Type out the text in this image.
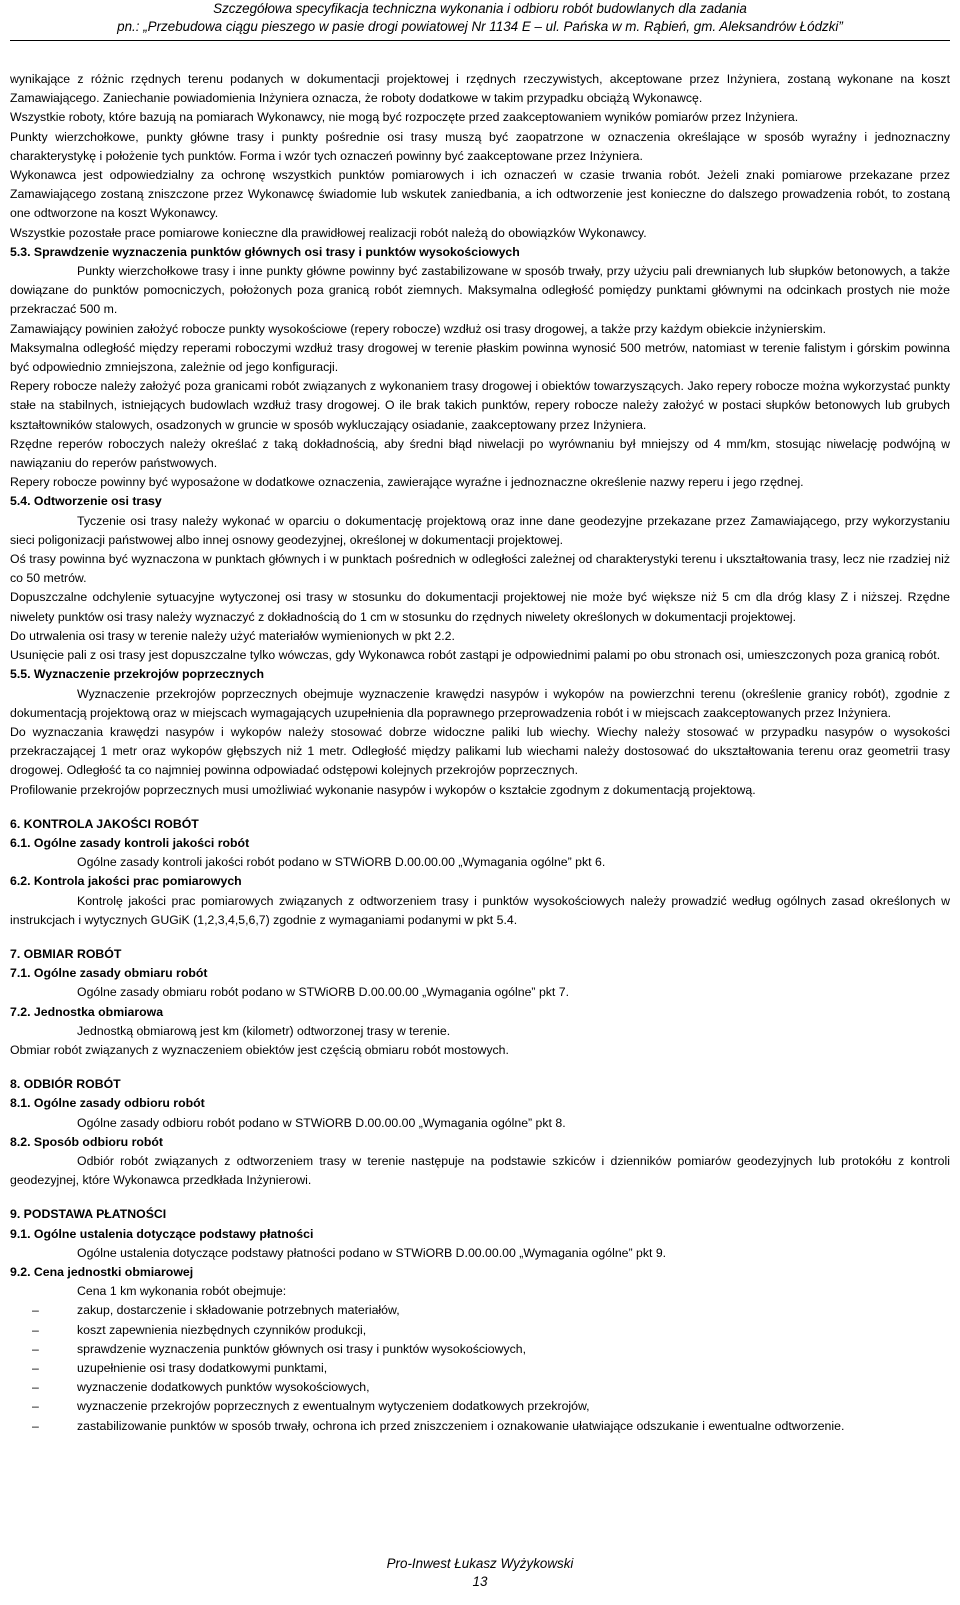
Szczegółowa specyfikacja techniczna wykonania i odbioru robót budowlanych dla zadania
pn.: „Przebudowa ciągu pieszego w pasie drogi powiatowej Nr 1134 E – ul. Pańska w m. Rąbień, gm. Aleksandrów Łódzki”

wynikające z różnic rzędnych terenu podanych w dokumentacji projektowej i rzędnych rzeczywistych, akceptowane przez Inżyniera, zostaną wykonane na koszt Zamawiającego. Zaniechanie powiadomienia Inżyniera oznacza, że roboty dodatkowe w takim przypadku obciążą Wykonawcę.

Wszystkie roboty, które bazują na pomiarach Wykonawcy, nie mogą być rozpoczęte przed zaakceptowaniem wyników pomiarów przez Inżyniera.

Punkty wierzchołkowe, punkty główne trasy i punkty pośrednie osi trasy muszą być zaopatrzone w oznaczenia określające w sposób wyraźny i jednoznaczny charakterystykę i położenie tych punktów. Forma i wzór tych oznaczeń powinny być zaakceptowane przez Inżyniera.

Wykonawca jest odpowiedzialny za ochronę wszystkich punktów pomiarowych i ich oznaczeń w czasie trwania robót. Jeżeli znaki pomiarowe przekazane przez Zamawiającego zostaną zniszczone przez Wykonawcę świadomie lub wskutek zaniedbania, a ich odtworzenie jest konieczne do dalszego prowadzenia robót, to zostaną one odtworzone na koszt Wykonawcy.

Wszystkie pozostałe prace pomiarowe konieczne dla prawidłowej realizacji robót należą do obowiązków Wykonawcy.

5.3. Sprawdzenie wyznaczenia punktów głównych osi trasy i punktów wysokościowych

Punkty wierzchołkowe trasy i inne punkty główne powinny być zastabilizowane w sposób trwały, przy użyciu pali drewnianych lub słupków betonowych, a także dowiązane do punktów pomocniczych, położonych poza granicą robót ziemnych. Maksymalna odległość pomiędzy punktami głównymi na odcinkach prostych nie może przekraczać 500 m.

Zamawiający powinien założyć robocze punkty wysokościowe (repery robocze) wzdłuż osi trasy drogowej, a także przy każdym obiekcie inżynierskim.

Maksymalna odległość między reperami roboczymi wzdłuż trasy drogowej w terenie płaskim powinna wynosić 500 metrów, natomiast w terenie falistym i górskim powinna być odpowiednio zmniejszona, zależnie od jego konfiguracji.

Repery robocze należy założyć poza granicami robót związanych z wykonaniem trasy drogowej i obiektów towarzyszących. Jako repery robocze można wykorzystać punkty stałe na stabilnych, istniejących budowlach wzdłuż trasy drogowej. O ile brak takich punktów, repery robocze należy założyć w postaci słupków betonowych lub grubych kształtowników stalowych, osadzonych w gruncie w sposób wykluczający osiadanie, zaakceptowany przez Inżyniera.

Rzędne reperów roboczych należy określać z taką dokładnością, aby średni błąd niwelacji po wyrównaniu był mniejszy od 4 mm/km, stosując niwelację podwójną w nawiązaniu do reperów państwowych.

Repery robocze powinny być wyposażone w dodatkowe oznaczenia, zawierające wyraźne i jednoznaczne określenie nazwy reperu i jego rzędnej.

5.4. Odtworzenie osi trasy

Tyczenie osi trasy należy wykonać w oparciu o dokumentację projektową oraz inne dane geodezyjne przekazane przez Zamawiającego, przy wykorzystaniu sieci poligonizacji państwowej albo innej osnowy geodezyjnej, określonej w dokumentacji projektowej.

Oś trasy powinna być wyznaczona w punktach głównych i w punktach pośrednich w odległości zależnej od charakterystyki terenu i ukształtowania trasy, lecz nie rzadziej niż co 50 metrów.

Dopuszczalne odchylenie sytuacyjne wytyczonej osi trasy w stosunku do dokumentacji projektowej nie może być większe niż 5 cm dla dróg klasy Z i niższej. Rzędne niwelety punktów osi trasy należy wyznaczyć z dokładnością do 1 cm w stosunku do rzędnych niwelety określonych w dokumentacji projektowej.

Do utrwalenia osi trasy w terenie należy użyć materiałów wymienionych w pkt 2.2.

Usunięcie pali z osi trasy jest dopuszczalne tylko wówczas, gdy Wykonawca robót zastąpi je odpowiednimi palami po obu stronach osi, umieszczonych poza granicą robót.

5.5. Wyznaczenie przekrojów poprzecznych

Wyznaczenie przekrojów poprzecznych obejmuje wyznaczenie krawędzi nasypów i wykopów na powierzchni terenu (określenie granicy robót), zgodnie z dokumentacją projektową oraz w miejscach wymagających uzupełnienia dla poprawnego przeprowadzenia robót i w miejscach zaakceptowanych przez Inżyniera.

Do wyznaczania krawędzi nasypów i wykopów należy stosować dobrze widoczne paliki lub wiechy. Wiechy należy stosować w przypadku nasypów o wysokości przekraczającej 1 metr oraz wykopów głębszych niż 1 metr. Odległość między palikami lub wiechami należy dostosować do ukształtowania terenu oraz geometrii trasy drogowej. Odległość ta co najmniej powinna odpowiadać odstępowi kolejnych przekrojów poprzecznych.

Profilowanie przekrojów poprzecznych musi umożliwiać wykonanie nasypów i wykopów o kształcie zgodnym z dokumentacją projektową.

6. KONTROLA JAKOŚCI ROBÓT

6.1. Ogólne zasady kontroli jakości robót

Ogólne zasady kontroli jakości robót podano w STWiORB D.00.00.00 „Wymagania ogólne” pkt 6.

6.2. Kontrola jakości prac pomiarowych

Kontrolę jakości prac pomiarowych związanych z odtworzeniem trasy i punktów wysokościowych należy prowadzić według ogólnych zasad określonych w instrukcjach i wytycznych GUGiK (1,2,3,4,5,6,7) zgodnie z wymaganiami podanymi w pkt 5.4.

7. OBMIAR ROBÓT

7.1. Ogólne zasady obmiaru robót

Ogólne zasady obmiaru robót podano w STWiORB D.00.00.00 „Wymagania ogólne” pkt 7.

7.2. Jednostka obmiarowa

Jednostką obmiarową jest km (kilometr) odtworzonej trasy w terenie.

Obmiar robót związanych z wyznaczeniem obiektów jest częścią obmiaru robót mostowych.

8. ODBIÓR ROBÓT

8.1. Ogólne zasady odbioru robót

Ogólne zasady odbioru robót podano w STWiORB D.00.00.00 „Wymagania ogólne” pkt 8.

8.2. Sposób odbioru robót

Odbiór robót związanych z odtworzeniem trasy w terenie następuje na podstawie szkiców i dzienników pomiarów geodezyjnych lub protokółu z kontroli geodezyjnej, które Wykonawca przedkłada Inżynierowi.

9. PODSTAWA PŁATNOŚCI

9.1. Ogólne ustalenia dotyczące podstawy płatności

Ogólne ustalenia dotyczące podstawy płatności podano w STWiORB D.00.00.00 „Wymagania ogólne” pkt 9.

9.2. Cena jednostki obmiarowej

Cena 1 km wykonania robót obejmuje:

–	zakup, dostarczenie i składowanie potrzebnych materiałów,
–	koszt zapewnienia niezbędnych czynników produkcji,
–	sprawdzenie wyznaczenia punktów głównych osi trasy i punktów wysokościowych,
–	uzupełnienie osi trasy dodatkowymi punktami,
–	wyznaczenie dodatkowych punktów wysokościowych,
–	wyznaczenie przekrojów poprzecznych z ewentualnym wytyczeniem dodatkowych przekrojów,
–	zastabilizowanie punktów w sposób trwały, ochrona ich przed zniszczeniem i oznakowanie ułatwiające odszukanie i ewentualne odtworzenie.
Pro-Inwest Łukasz Wyżykowski
13
